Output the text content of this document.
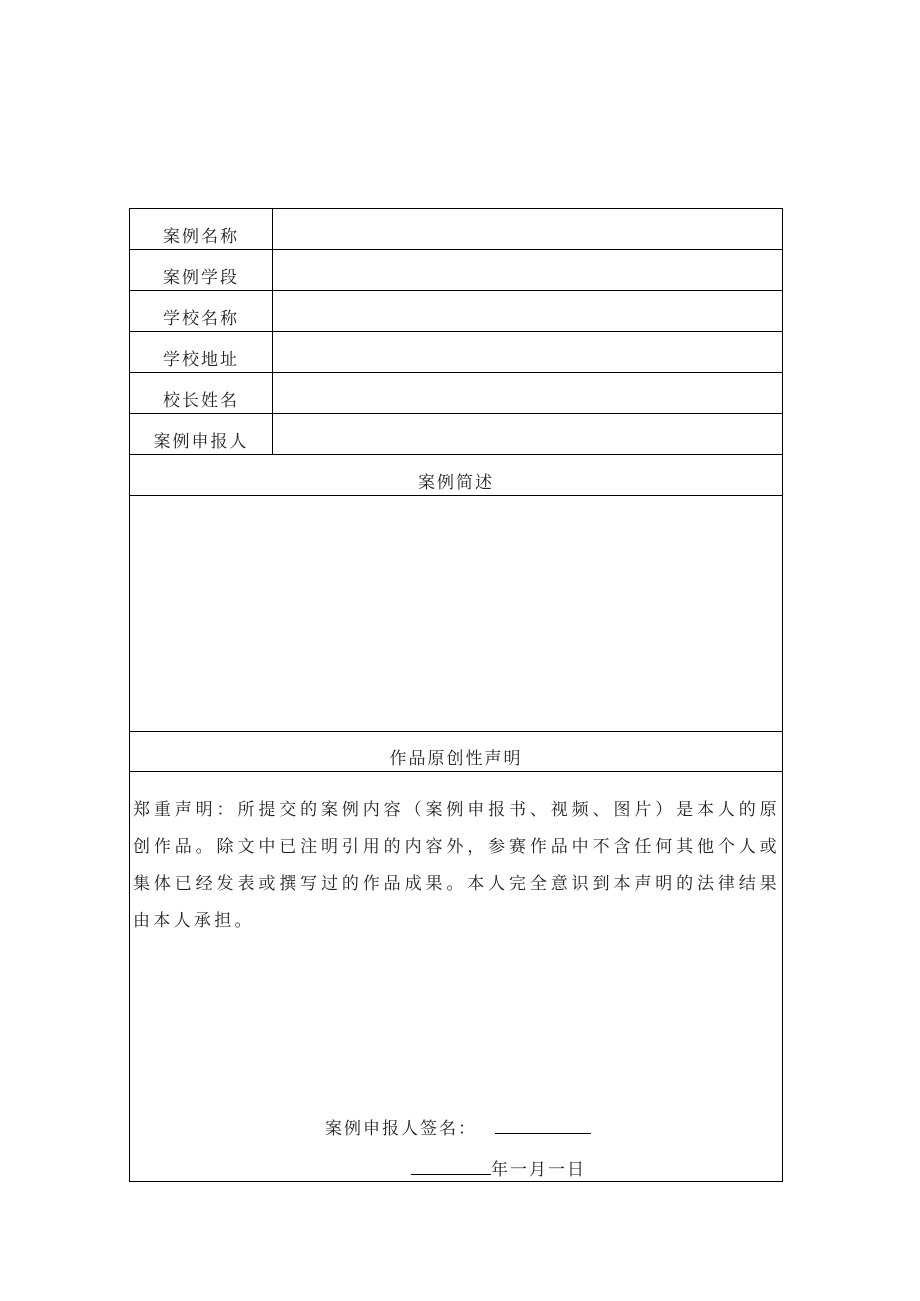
案例名称
案例学段
学校名称
学校地址
校长姓名
案例申报人
案例简述
作品原创性声明
郑重声明：所提交的案例内容（案例申报书、视频、图片）是本人的原创作品。除文中已注明引用的内容外，参赛作品中不含任何其他个人或集体已经发表或撰写过的作品成果。本人完全意识到本声明的法律结果由本人承担。
案例申报人签名：
年一月一日
